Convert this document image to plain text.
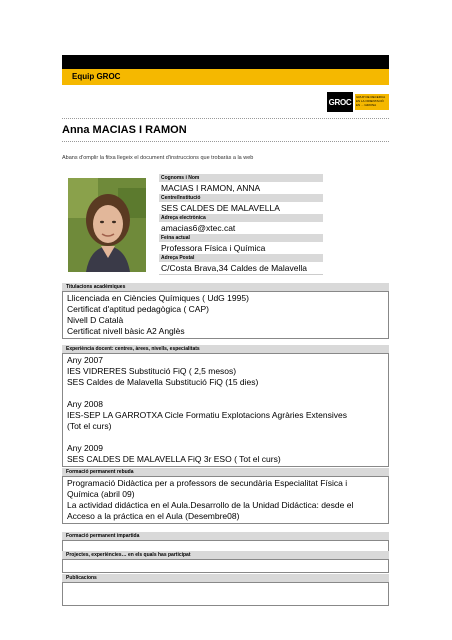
Equip GROC
GROC
GRUP DE RECERCA EN LA ORIENTACIÓ EN ... GIRONA
Anna MACIAS I RAMON
Abans d'omplir la fitxa llegeix el document d'instruccions que trobaràs a la web
Cognoms i Nom
MACIAS I RAMON, ANNA
Centre/Institució
SES CALDES DE MALAVELLA
Adreça electrònica
amacias6@xtec.cat
Feina actual
Professora Física i Química
Adreça Postal
C/Costa Brava,34 Caldes de Malavella
Titulacions acadèmiques
Llicenciada en Ciències Químiques ( UdG 1995)
Certificat d'aptitud pedagògica ( CAP)
Nivell D Català
Certificat nivell bàsic A2 Anglès
Experiència docent: centres, àrees, nivells, especialitats
Any 2007
IES VIDRERES Substitució FiQ ( 2,5 mesos)
SES Caldes de Malavella Substitució FiQ (15 dies)
Any 2008
IES-SEP LA GARROTXA Cicle Formatiu Explotacions Agràries Extensives
(Tot el curs)
Any 2009
SES CALDES DE MALAVELLA FiQ 3r ESO ( Tot el curs)
Formació permanent rebuda
Programació Didàctica per a professors de secundària Especialitat Física i
Química (abril 09)
La actividad didáctica en el Aula.Desarrollo de la Unidad Didáctica: desde el
Acceso a la práctica en el Aula (Desembre08)
Formació permanent impartida
Projectes, experiències… en els quals has participat
Publicacions
